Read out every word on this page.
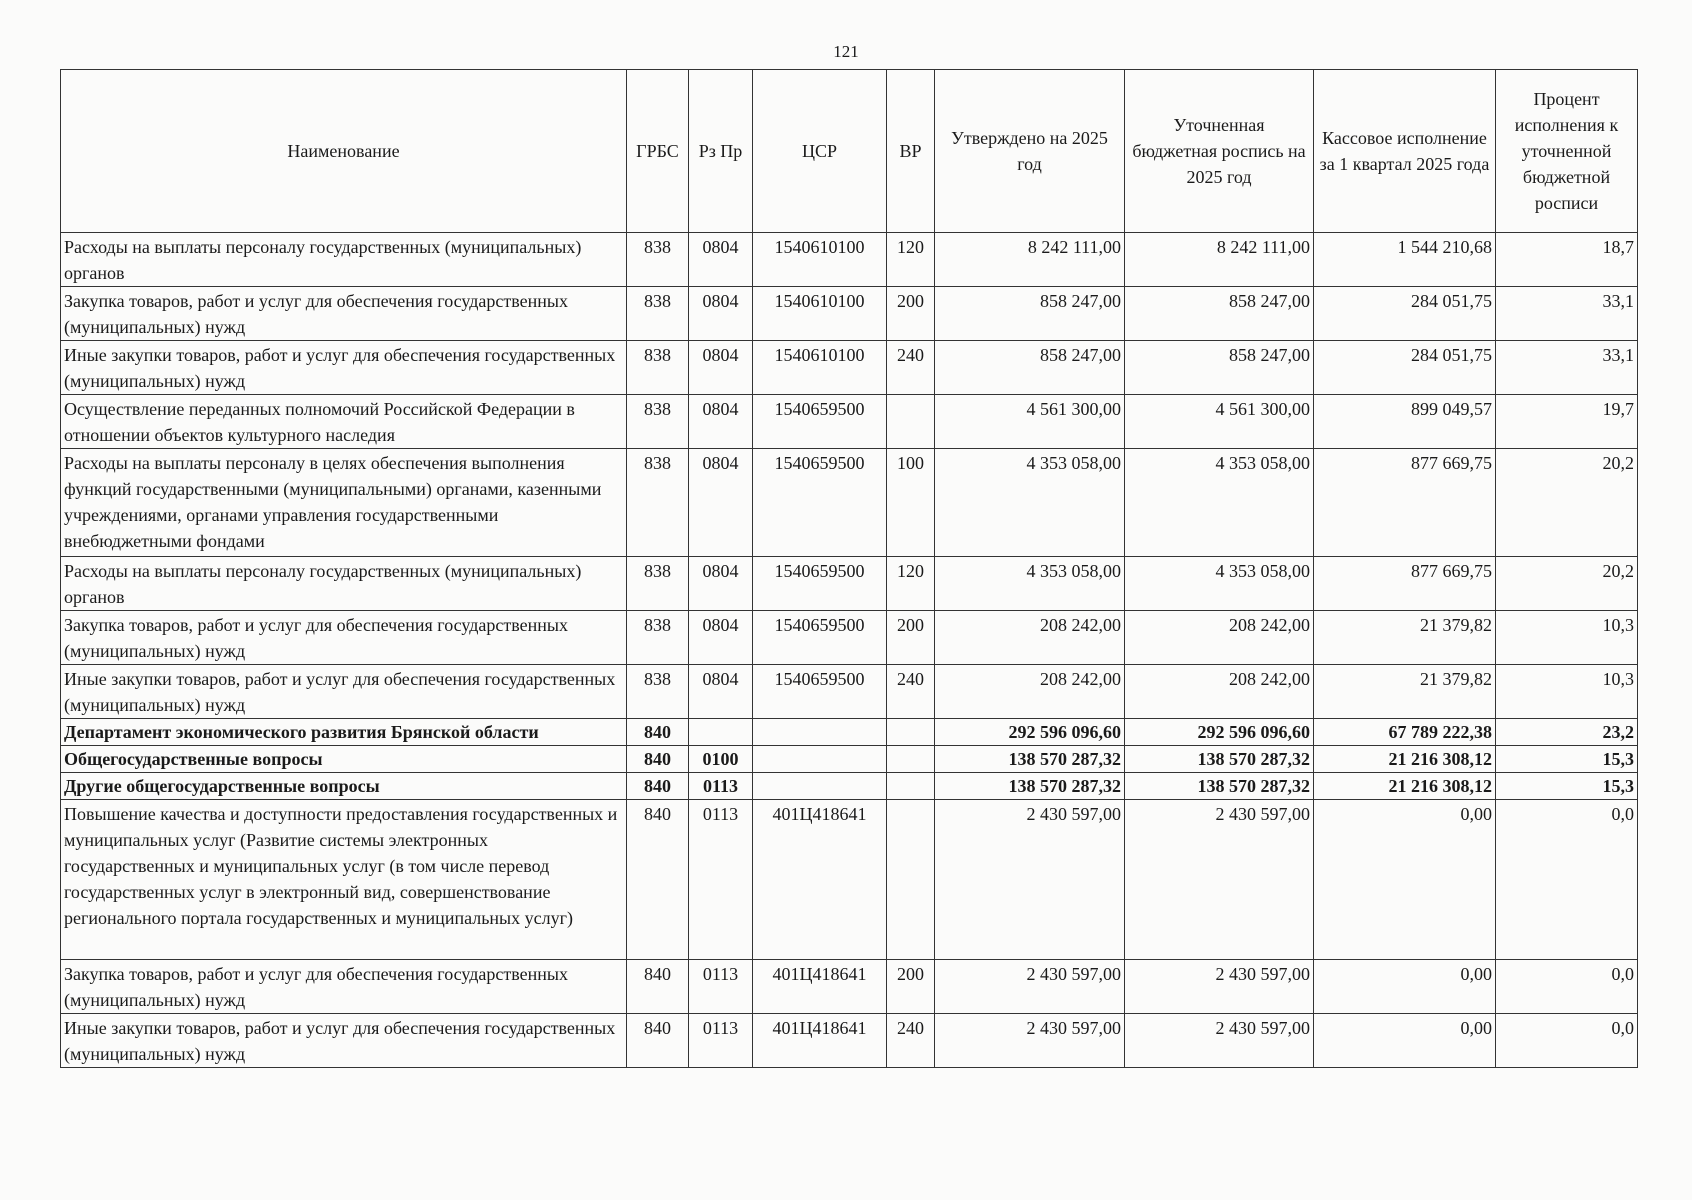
121
Наименование	ГРБС	Рз Пр	ЦСР	ВР	Утверждено на 2025 год	Уточненная бюджетная роспись на 2025 год	Кассовое исполнение за 1 квартал 2025 года	Процент исполнения к уточненной бюджетной росписи
Расходы на выплаты персоналу государственных (муниципальных) органов	838	0804	1540610100	120	8 242 111,00	8 242 111,00	1 544 210,68	18,7
Закупка товаров, работ и услуг для обеспечения государственных (муниципальных) нужд	838	0804	1540610100	200	858 247,00	858 247,00	284 051,75	33,1
Иные закупки товаров, работ и услуг для обеспечения государственных (муниципальных) нужд	838	0804	1540610100	240	858 247,00	858 247,00	284 051,75	33,1
Осуществление переданных полномочий Российской Федерации в отношении объектов культурного наследия	838	0804	1540659500		4 561 300,00	4 561 300,00	899 049,57	19,7
Расходы на выплаты персоналу в целях обеспечения выполнения функций государственными (муниципальными) органами, казенными учреждениями, органами управления государственными внебюджетными фондами	838	0804	1540659500	100	4 353 058,00	4 353 058,00	877 669,75	20,2
Расходы на выплаты персоналу государственных (муниципальных) органов	838	0804	1540659500	120	4 353 058,00	4 353 058,00	877 669,75	20,2
Закупка товаров, работ и услуг для обеспечения государственных (муниципальных) нужд	838	0804	1540659500	200	208 242,00	208 242,00	21 379,82	10,3
Иные закупки товаров, работ и услуг для обеспечения государственных (муниципальных) нужд	838	0804	1540659500	240	208 242,00	208 242,00	21 379,82	10,3
Департамент экономического развития Брянской области	840				292 596 096,60	292 596 096,60	67 789 222,38	23,2
Общегосударственные вопросы	840	0100			138 570 287,32	138 570 287,32	21 216 308,12	15,3
Другие общегосударственные вопросы	840	0113			138 570 287,32	138 570 287,32	21 216 308,12	15,3
Повышение качества и доступности предоставления государственных и муниципальных услуг (Развитие системы электронных государственных и муниципальных услуг (в том числе перевод государственных услуг в электронный вид, совершенствование регионального портала государственных и муниципальных услуг)	840	0113	401Ц418641		2 430 597,00	2 430 597,00	0,00	0,0
Закупка товаров, работ и услуг для обеспечения государственных (муниципальных) нужд	840	0113	401Ц418641	200	2 430 597,00	2 430 597,00	0,00	0,0
Иные закупки товаров, работ и услуг для обеспечения государственных (муниципальных) нужд	840	0113	401Ц418641	240	2 430 597,00	2 430 597,00	0,00	0,0
